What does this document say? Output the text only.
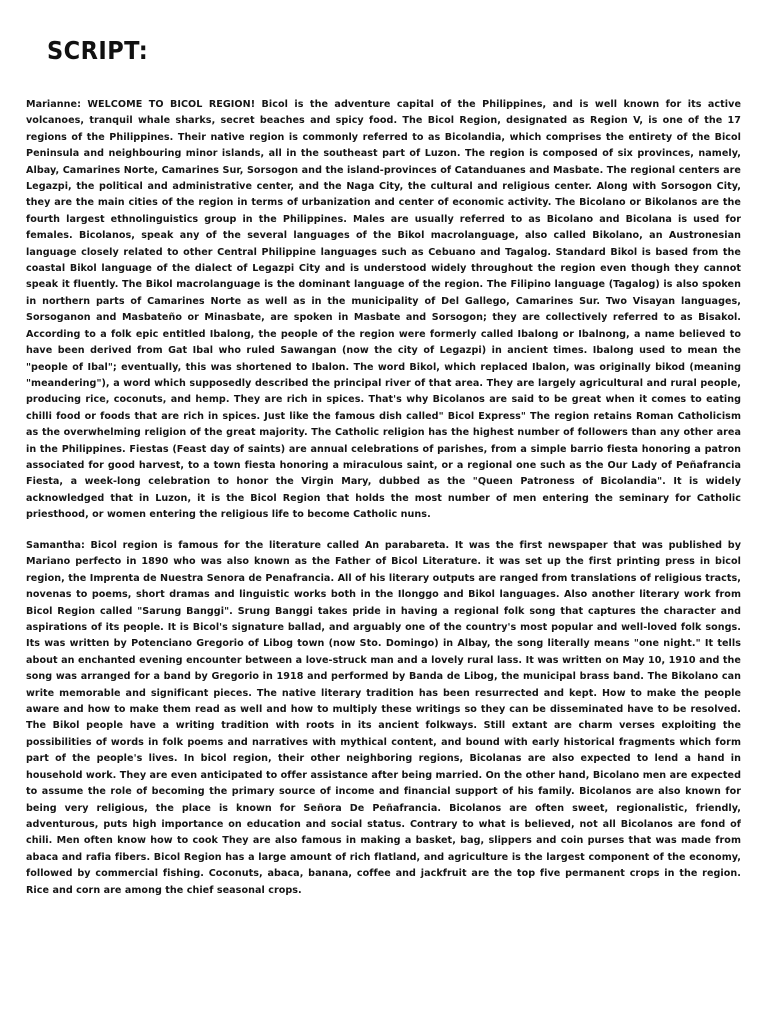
SCRIPT:

Marianne: WELCOME TO BICOL REGION! Bicol is the adventure capital of the Philippines, and is well known for its active volcanoes, tranquil whale sharks, secret beaches and spicy food. The Bicol Region, designated as Region V, is one of the 17 regions of the Philippines. Their native region is commonly referred to as Bicolandia, which comprises the entirety of the Bicol Peninsula and neighbouring minor islands, all in the southeast part of Luzon. The region is composed of six provinces, namely, Albay, Camarines Norte, Camarines Sur, Sorsogon and the island-provinces of Catanduanes and Masbate. The regional centers are Legazpi, the political and administrative center, and the Naga City, the cultural and religious center. Along with Sorsogon City, they are the main cities of the region in terms of urbanization and center of economic activity. The Bicolano or Bikolanos are the fourth largest ethnolinguistics group in the Philippines. Males are usually referred to as Bicolano and Bicolana is used for females. Bicolanos, speak any of the several languages of the Bikol macrolanguage, also called Bikolano, an Austronesian language closely related to other Central Philippine languages such as Cebuano and Tagalog. Standard Bikol is based from the coastal Bikol language of the dialect of Legazpi City and is understood widely throughout the region even though they cannot speak it fluently. The Bikol macrolanguage is the dominant language of the region. The Filipino language (Tagalog) is also spoken in northern parts of Camarines Norte as well as in the municipality of Del Gallego, Camarines Sur. Two Visayan languages, Sorsoganon and Masbateño or Minasbate, are spoken in Masbate and Sorsogon; they are collectively referred to as Bisakol. According to a folk epic entitled Ibalong, the people of the region were formerly called Ibalong or Ibalnong, a name believed to have been derived from Gat Ibal who ruled Sawangan (now the city of Legazpi) in ancient times. Ibalong used to mean the "people of Ibal"; eventually, this was shortened to Ibalon. The word Bikol, which replaced Ibalon, was originally bikod (meaning "meandering"), a word which supposedly described the principal river of that area. They are largely agricultural and rural people, producing rice, coconuts, and hemp. They are rich in spices. That's why Bicolanos are said to be great when it comes to eating chilli food or foods that are rich in spices. Just like the famous dish called" Bicol Express" The region retains Roman Catholicism as the overwhelming religion of the great majority. The Catholic religion has the highest number of followers than any other area in the Philippines. Fiestas (Feast day of saints) are annual celebrations of parishes, from a simple barrio fiesta honoring a patron associated for good harvest, to a town fiesta honoring a miraculous saint, or a regional one such as the Our Lady of Peñafrancia Fiesta, a week-long celebration to honor the Virgin Mary, dubbed as the "Queen Patroness of Bicolandia". It is widely acknowledged that in Luzon, it is the Bicol Region that holds the most number of men entering the seminary for Catholic priesthood, or women entering the religious life to become Catholic nuns.

Samantha: Bicol region is famous for the literature called An parabareta. It was the first newspaper that was published by Mariano perfecto in 1890 who was also known as the Father of Bicol Literature. it was set up the first printing press in bicol region, the Imprenta de Nuestra Senora de Penafrancia. All of his literary outputs are ranged from translations of religious tracts, novenas to poems, short dramas and linguistic works both in the Ilonggo and Bikol languages. Also another literary work from Bicol Region called "Sarung Banggi". Srung Banggi takes pride in having a regional folk song that captures the character and aspirations of its people. It is Bicol's signature ballad, and arguably one of the country's most popular and well-loved folk songs. Its was written by Potenciano Gregorio of Libog town (now Sto. Domingo) in Albay, the song literally means "one night." It tells about an enchanted evening encounter between a love-struck man and a lovely rural lass. It was written on May 10, 1910 and the song was arranged for a band by Gregorio in 1918 and performed by Banda de Libog, the municipal brass band. The Bikolano can write memorable and significant pieces. The native literary tradition has been resurrected and kept. How to make the people aware and how to make them read as well and how to multiply these writings so they can be disseminated have to be resolved. The Bikol people have a writing tradition with roots in its ancient folkways. Still extant are charm verses exploiting the possibilities of words in folk poems and narratives with mythical content, and bound with early historical fragments which form part of the people's lives. In bicol region, their other neighboring regions, Bicolanas are also expected to lend a hand in household work. They are even anticipated to offer assistance after being married. On the other hand, Bicolano men are expected to assume the role of becoming the primary source of income and financial support of his family. Bicolanos are also known for being very religious, the place is known for Señora De Peñafrancia. Bicolanos are often sweet, regionalistic, friendly, adventurous, puts high importance on education and social status. Contrary to what is believed, not all Bicolanos are fond of chili. Men often know how to cook They are also famous in making a basket, bag, slippers and coin purses that was made from abaca and rafia fibers. Bicol Region has a large amount of rich flatland, and agriculture is the largest component of the economy, followed by commercial fishing. Coconuts, abaca, banana, coffee and jackfruit are the top five permanent crops in the region. Rice and corn are among the chief seasonal crops.
